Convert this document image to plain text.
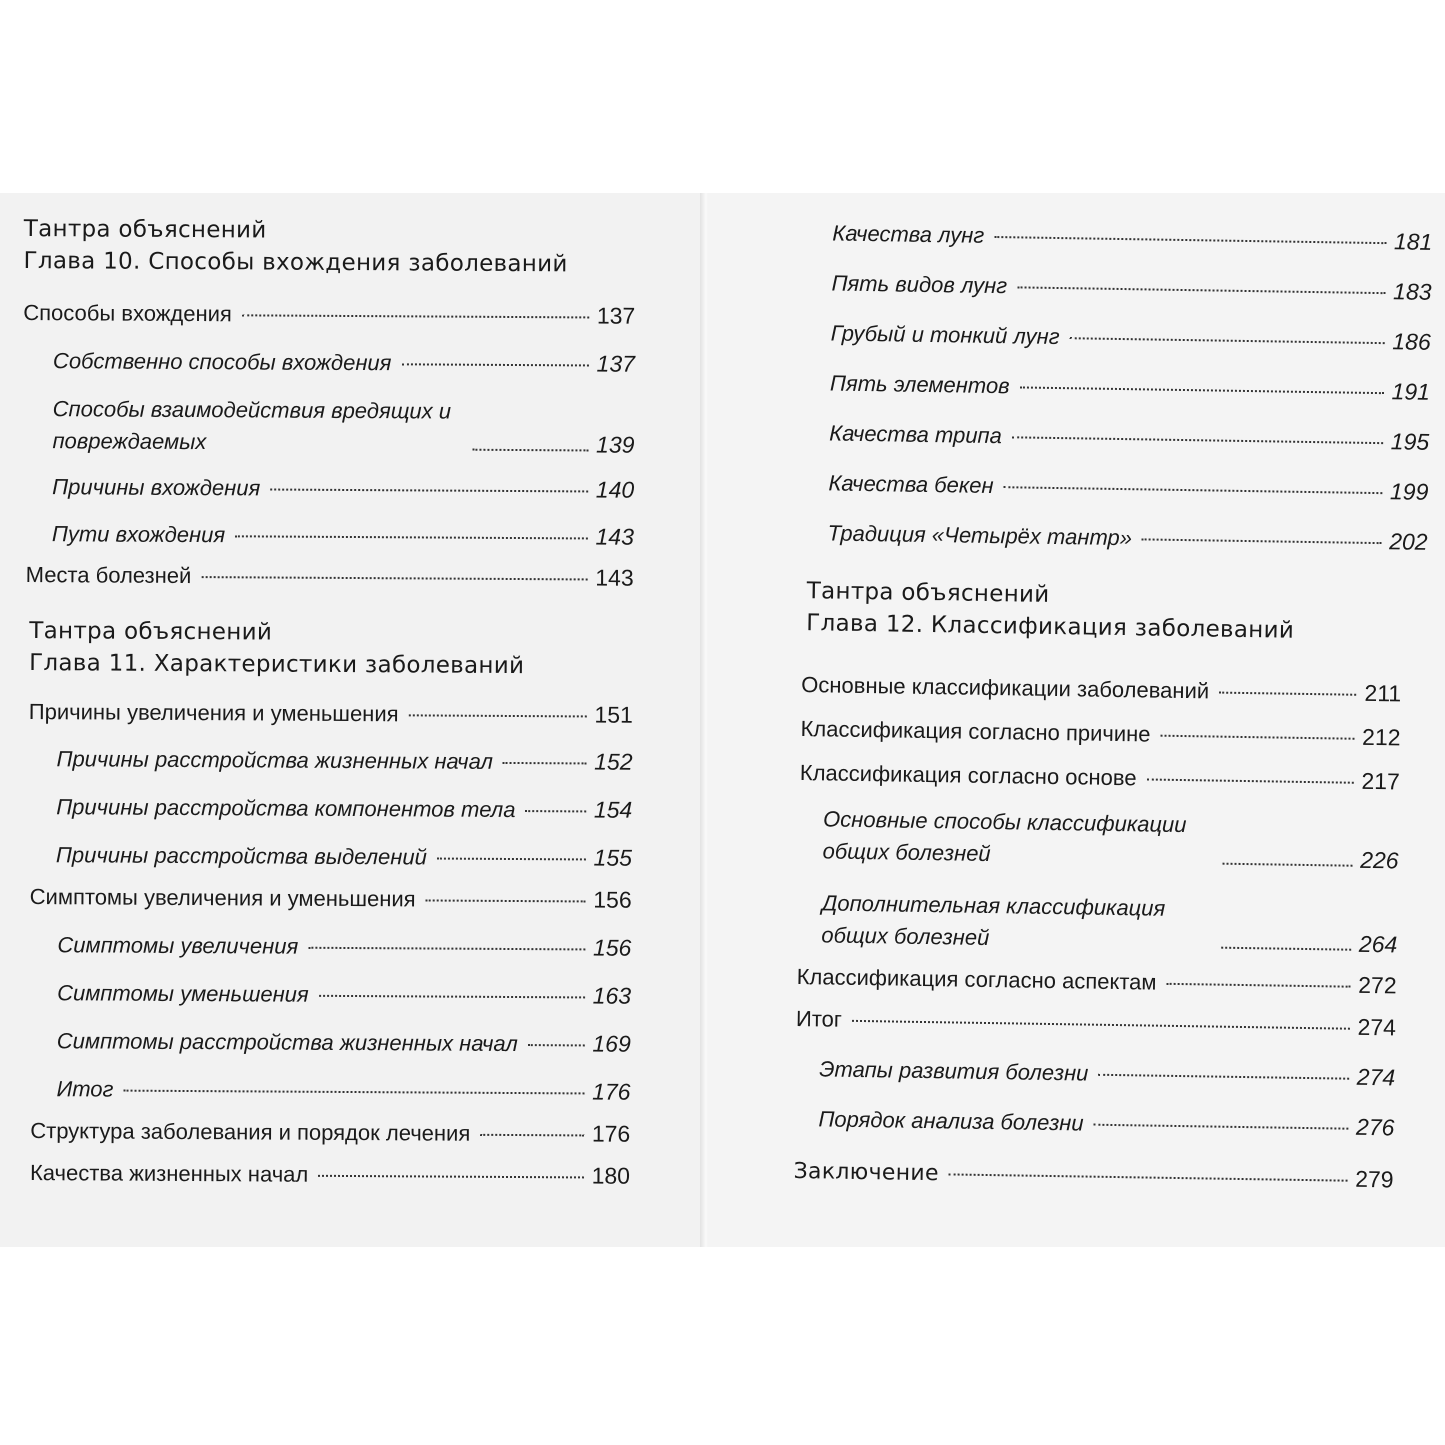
Тантра объяснений
Глава 10. Способы вхождения заболеваний
Способы вхождения	137
Собственно способы вхождения	137
Способы взаимодействия вредящих и повреждаемых	139
Причины вхождения	140
Пути вхождения	143
Места болезней	143
Тантра объяснений
Глава 11. Характеристики заболеваний
Причины увеличения и уменьшения	151
Причины расстройства жизненных начал	152
Причины расстройства компонентов тела	154
Причины расстройства выделений	155
Симптомы увеличения и уменьшения	156
Симптомы увеличения	156
Симптомы уменьшения	163
Симптомы расстройства жизненных начал	169
Итог	176
Структура заболевания и порядок лечения	176
Качества жизненных начал	180
Качества лунг	181
Пять видов лунг	183
Грубый и тонкий лунг	186
Пять элементов	191
Качества трипа	195
Качества бекен	199
Традиция «Четырёх тантр»	202
Тантра объяснений
Глава 12. Классификация заболеваний
Основные классификации заболеваний	211
Классификация согласно причине	212
Классификация согласно основе	217
Основные способы классификации общих болезней	226
Дополнительная классификация общих болезней	264
Классификация согласно аспектам	272
Итог	274
Этапы развития болезни	274
Порядок анализа болезни	276
Заключение	279
